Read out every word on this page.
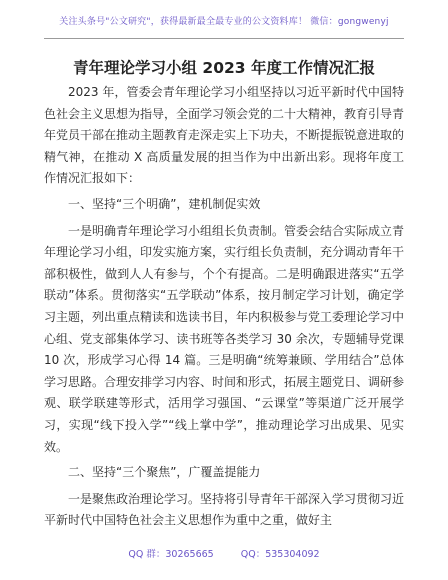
关注头条号"公文研究"，获得最新最全最专业的公文资料库！ 微信：gongwenyj
青年理论学习小组 2023 年度工作情况汇报

2023 年，管委会青年理论学习小组坚持以习近平新时代中国特色社会主义思想为指导，全面学习领会党的二十大精神，教育引导青年党员干部在推动主题教育走深走实上下功夫，不断提振锐意进取的精气神，在推动 X 高质量发展的担当作为中出新出彩。现将年度工作情况汇报如下：

一、坚持“三个明确”，建机制促实效

一是明确青年理论学习小组组长负责制。管委会结合实际成立青年理论学习小组，印发实施方案，实行组长负责制，充分调动青年干部积极性，做到人人有参与，个个有提高。二是明确跟进落实“五学联动”体系。贯彻落实“五学联动”体系，按月制定学习计划，确定学习主题，列出重点精读和选读书目，年内积极参与党工委理论学习中心组、党支部集体学习、读书班等各类学习 30 余次，专题辅导党课 10 次，形成学习心得 14 篇。三是明确“统筹兼顾、学用结合”总体学习思路。合理安排学习内容、时间和形式，拓展主题党日、调研参观、联学联建等形式，活用学习强国、“云课堂”等渠道广泛开展学习，实现“线下投入学”“线上掌中学”，推动理论学习出成果、见实效。

二、坚持“三个聚焦”，广覆盖提能力

一是聚焦政治理论学习。坚持将引导青年干部深入学习贯彻习近平新时代中国特色社会主义思想作为重中之重，做好主

QQ 群：30265665	QQ：535304092
